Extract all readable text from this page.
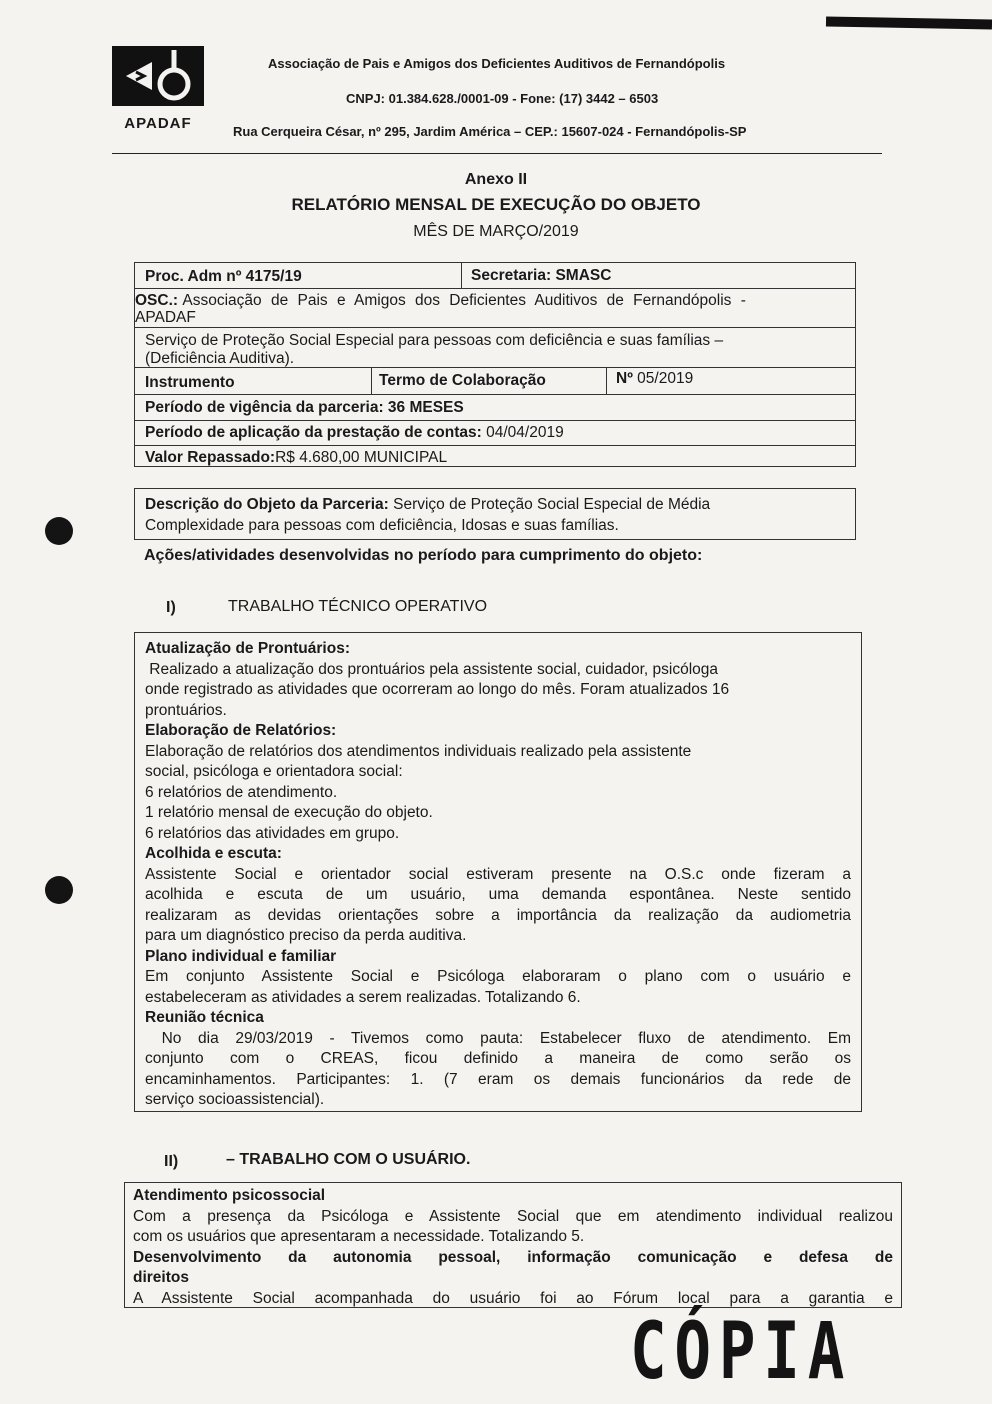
APADAF
Associação de Pais e Amigos dos Deficientes Auditivos de Fernandópolis
CNPJ: 01.384.628./0001-09 - Fone: (17) 3442 – 6503
Rua Cerqueira César, nº 295, Jardim América – CEP.: 15607-024 - Fernandópolis-SP
Anexo II
RELATÓRIO MENSAL DE EXECUÇÃO DO OBJETO
MÊS DE MARÇO/2019
Proc. Adm nº 4175/19	Secretaria: SMASC
OSC.: Associação de Pais e Amigos dos Deficientes Auditivos de Fernandópolis -
APADAF
Serviço de Proteção Social Especial para pessoas com deficiência e suas famílias –
(Deficiência Auditiva).
Instrumento	Termo de Colaboração	Nº 05/2019
Período de vigência da parceria: 36 MESES
Período de aplicação da prestação de contas: 04/04/2019
Valor Repassado:R$ 4.680,00 MUNICIPAL
Descrição do Objeto da Parceria: Serviço de Proteção Social Especial de Média
Complexidade para pessoas com deficiência, Idosas e suas famílias.
Ações/atividades desenvolvidas no período para cumprimento do objeto:
I)	TRABALHO TÉCNICO OPERATIVO
Atualização de Prontuários:
Realizado a atualização dos prontuários pela assistente social, cuidador, psicóloga
onde registrado as atividades que ocorreram ao longo do mês. Foram atualizados 16
prontuários.
Elaboração de Relatórios:
Elaboração de relatórios dos atendimentos individuais realizado pela assistente
social, psicóloga e orientadora social:
6 relatórios de atendimento.
1 relatório mensal de execução do objeto.
6 relatórios das atividades em grupo.
Acolhida e escuta:
Assistente Social e orientador social estiveram presente na O.S.c onde fizeram a
acolhida e escuta de um usuário, uma demanda espontânea. Neste sentido
realizaram as devidas orientações sobre a importância da realização da audiometria
para um diagnóstico preciso da perda auditiva.
Plano individual e familiar
Em conjunto Assistente Social e Psicóloga elaboraram o plano com o usuário e
estabeleceram as atividades a serem realizadas. Totalizando 6.
Reunião técnica
No dia 29/03/2019 - Tivemos como pauta: Estabelecer fluxo de atendimento. Em
conjunto com o CREAS, ficou definido a maneira de como serão os
encaminhamentos. Participantes: 1. (7 eram os demais funcionários da rede de
serviço socioassistencial).
II)	– TRABALHO COM O USUÁRIO.
Atendimento psicossocial
Com a presença da Psicóloga e Assistente Social que em atendimento individual realizou
com os usuários que apresentaram a necessidade. Totalizando 5.
Desenvolvimento da autonomia pessoal, informação comunicação e defesa de
direitos
A Assistente Social acompanhada do usuário foi ao Fórum local para a garantia e
CÓPIA
